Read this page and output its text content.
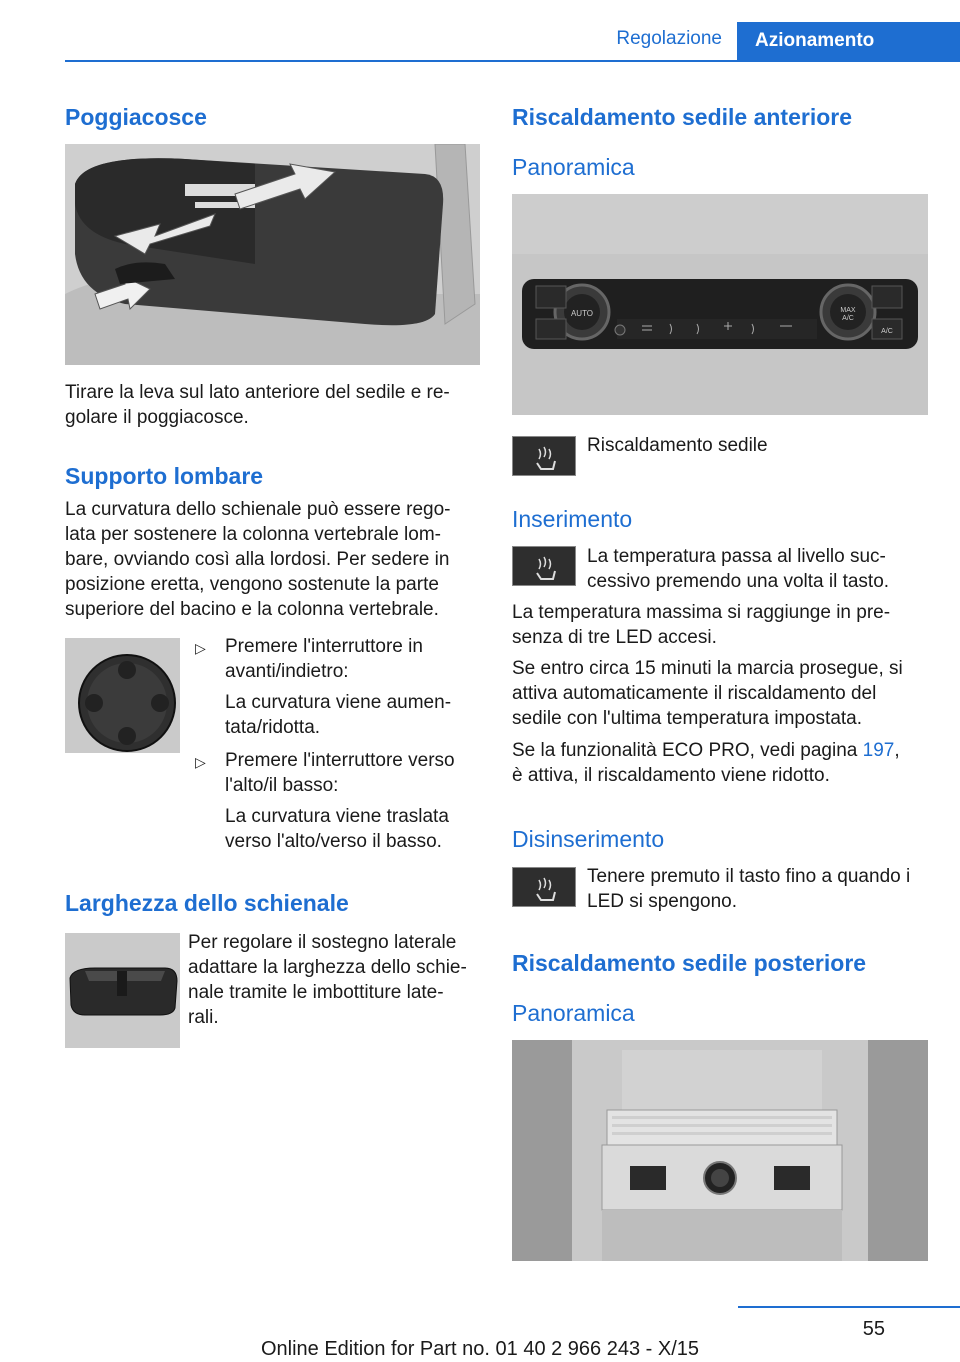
Regolazione	Azionamento
Poggiacosce
Tirare la leva sul lato anteriore del sedile e re‐
golare il poggiacosce.
Supporto lombare
La curvatura dello schienale può essere rego‐
lata per sostenere la colonna vertebrale lom‐
bare, ovviando così alla lordosi. Per sedere in
posizione eretta, vengono sostenute la parte
superiore del bacino e la colonna vertebrale.
▷ Premere l'interruttore in
avanti/indietro:
La curvatura viene aumen‐
tata/ridotta.
▷ Premere l'interruttore verso
l'alto/il basso:
La curvatura viene traslata
verso l'alto/verso il basso.
Larghezza dello schienale
Per regolare il sostegno laterale
adattare la larghezza dello schie‐
nale tramite le imbottiture late‐
rali.
Riscaldamento sedile anteriore
Panoramica
AUTO	MAX
A/C
A/C
Riscaldamento sedile
Inserimento
La temperatura passa al livello suc‐
cessivo premendo una volta il tasto.
La temperatura massima si raggiunge in pre‐
senza di tre LED accesi.
Se entro circa 15 minuti la marcia prosegue, si
attiva automaticamente il riscaldamento del
sedile con l'ultima temperatura impostata.
Se la funzionalità ECO PRO, vedi pagina 197,
è attiva, il riscaldamento viene ridotto.
Disinserimento
Tenere premuto il tasto fino a quando i
LED si spengono.
Riscaldamento sedile posteriore
Panoramica
55
Online Edition for Part no. 01 40 2 966 243 - X/15
